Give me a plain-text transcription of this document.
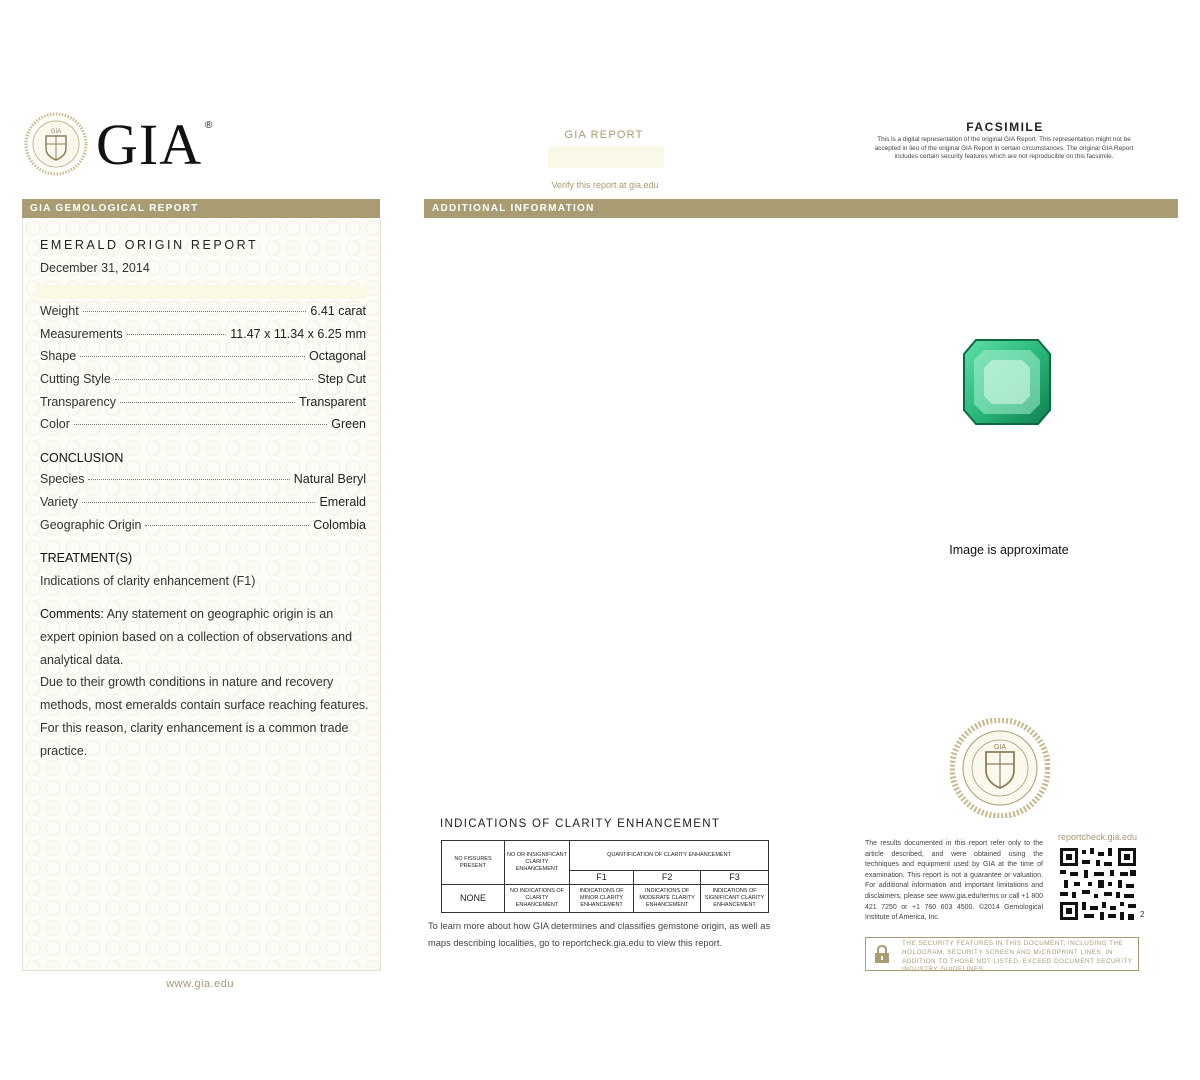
GIA GIA ®
GIA REPORT
Verify this report at gia.edu
FACSIMILE
This is a digital representation of the original GIA Report. This representation might not be accepted in lieu of the original GIA Report in certain circumstances. The original GIA Report includes certain security features which are not reproducible on this facsimile.
GIA GEMOLOGICAL REPORT
EMERALD ORIGIN REPORT
December 31, 2014
Weight	6.41 carat
Measurements	11.47 x 11.34 x 6.25 mm
Shape	Octagonal
Cutting Style	Step Cut
Transparency	Transparent
Color	Green
CONCLUSION
Species	Natural Beryl
Variety	Emerald
Geographic Origin	Colombia
TREATMENT(S)
Indications of clarity enhancement (F1)
Comments: Any statement on geographic origin is an expert opinion based on a collection of observations and analytical data.
Due to their growth conditions in nature and recovery methods, most emeralds contain surface reaching features. For this reason, clarity enhancement is a common trade practice.
www.gia.edu
ADDITIONAL INFORMATION
Image is approximate
GIA
INDICATIONS OF CLARITY ENHANCEMENT
NO FISSURES PRESENT	NO OR INSIGNIFICANT CLARITY ENHANCEMENT	QUANTIFICATION OF CLARITY ENHANCEMENT		
		F1	F2	F3
NONE	NO INDICATIONS OF CLARITY ENHANCEMENT	INDICATIONS OF MINOR CLARITY ENHANCEMENT	INDICATIONS OF MODERATE CLARITY ENHANCEMENT	INDICATIONS OF SIGNIFICANT CLARITY ENHANCEMENT
To learn more about how GIA determines and classifies gemstone origin, as well as maps describing localities, go to reportcheck.gia.edu to view this report.
The results documented in this report refer only to the article described, and were obtained using the techniques and equipment used by GIA at the time of examination. This report is not a guarantee or valuation. For additional information and important limitations and disclaimers, please see www.gia.edu/terms or call +1 800 421 7250 or +1 760 603 4500. ©2014 Gemological Institute of America, Inc.
reportcheck.gia.edu
2
THE SECURITY FEATURES IN THIS DOCUMENT, INCLUDING THE HOLOGRAM, SECURITY SCREEN AND MICROPRINT LINES, IN ADDITION TO THOSE NOT LISTED, EXCEED DOCUMENT SECURITY INDUSTRY GUIDELINES.
